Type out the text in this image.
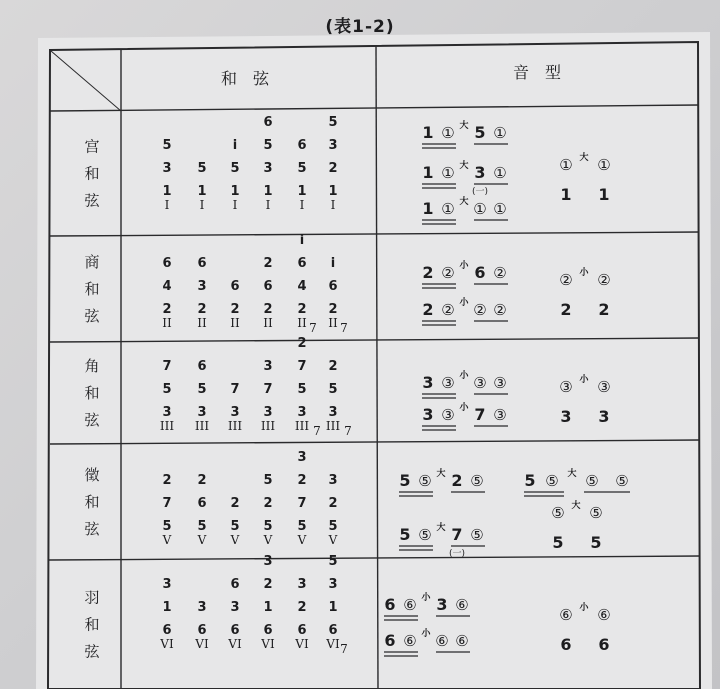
(表1-2)
和　弦	音　型
宫
和
弦
商
和
弦
角
和
弦
徵
和
弦
羽
和
弦
I
5
3
1
I
5
1
I
i
5
1
I
6
5
3
1
I
6
5
1
I
5
3
2
1
II
6
4
2
II
6
3
2
II
6
2
II
2
6
2
II 7
i
6
4
2
II 7
i
6
2
III
7
5
3
III
6
5
3
III
7
3
III
3
7
3
III 7
2
7
5
3
III 7
2
5
3
V
2
7
5
V
2
6
5
V
2
5
V
5
2
5
V
3
2
7
5
V
3
2
5
VI
3
1
6
VI
3
6
VI
6
3
6
VI
3
2
1
6
VI
3
2
6
VI 7
5
3
1
6
1 ① 大 5 ①
1 ① 大 3 ①
(一)
1 ① 大 ① ①
① 大 ①
1 1
2 ② 小 6 ②
2 ② 小 ② ②
② 小 ②
2 2
3 ③ 小 ③ ③
3 ③ 小 7 ③
③ 小 ③
3 3
5 ⑤ 大 2 ⑤
5 ⑤ 大 7 ⑤
(一)
5 ⑤ 大 ⑤ ⑤
⑤ 大 ⑤
5 5
6 ⑥ 小 3 ⑥
6 ⑥ 小 ⑥ ⑥
⑥ 小 ⑥
6 6
